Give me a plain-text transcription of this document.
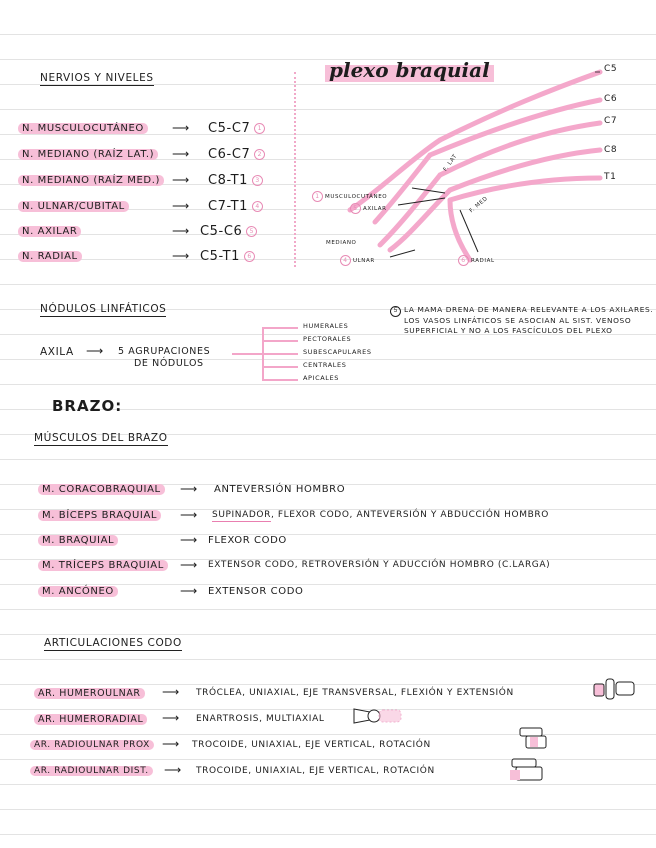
NERVIOS Y NIVELES
N. MUSCULOCUTÁNEO	⟶ C5-C7 1
N. MEDIANO (RAÍZ LAT.)	⟶ C6-C7 2
N. MEDIANO (RAÍZ MED.)	⟶ C8-T1 3
N. ULNAR/CUBITAL	⟶ C7-T1 4
N. AXILAR	⟶ C5-C6 5
N. RADIAL	⟶ C5-T1 6
plexo braquial	C5
C6
C7
C8
T1
F. LAT
F. MED
1 MUSCULOCUTÁNEO
5 AXILAR
MEDIANO
4 ULNAR	6 RADIAL
NÓDULOS LINFÁTICOS
AXILA ⟶ 5 AGRUPACIONES
DE NÓDULOS
HUMERALES
PECTORALES
SUBESCAPULARES
CENTRALES
APICALES
5 LA MAMA DRENA DE MANERA RELEVANTE A LOS AXILARES. LOS VASOS LINFÁTICOS SE ASOCIAN AL SIST. VENOSO SUPERFICIAL Y NO A LOS FASCÍCULOS DEL PLEXO
BRAZO:
MÚSCULOS DEL BRAZO
M. CORACOBRAQUIAL	⟶ ANTEVERSIÓN HOMBRO
M. BÍCEPS BRAQUIAL	⟶ SUPINADOR, FLEXOR CODO, ANTEVERSIÓN Y ABDUCCIÓN HOMBRO
M. BRAQUIAL	⟶ FLEXOR CODO
M. TRÍCEPS BRAQUIAL	⟶ EXTENSOR CODO, RETROVERSIÓN Y ADUCCIÓN HOMBRO (C.LARGA)
M. ANCÓNEO	⟶ EXTENSOR CODO
ARTICULACIONES CODO
AR. HUMEROULNAR	⟶ TRÓCLEA, UNIAXIAL, EJE TRANSVERSAL, FLEXIÓN Y EXTENSIÓN
AR. HUMERORADIAL	⟶ ENARTROSIS, MULTIAXIAL
AR. RADIOULNAR PROX	⟶ TROCOIDE, UNIAXIAL, EJE VERTICAL, ROTACIÓN
AR. RADIOULNAR DIST.	⟶ TROCOIDE, UNIAXIAL, EJE VERTICAL, ROTACIÓN
